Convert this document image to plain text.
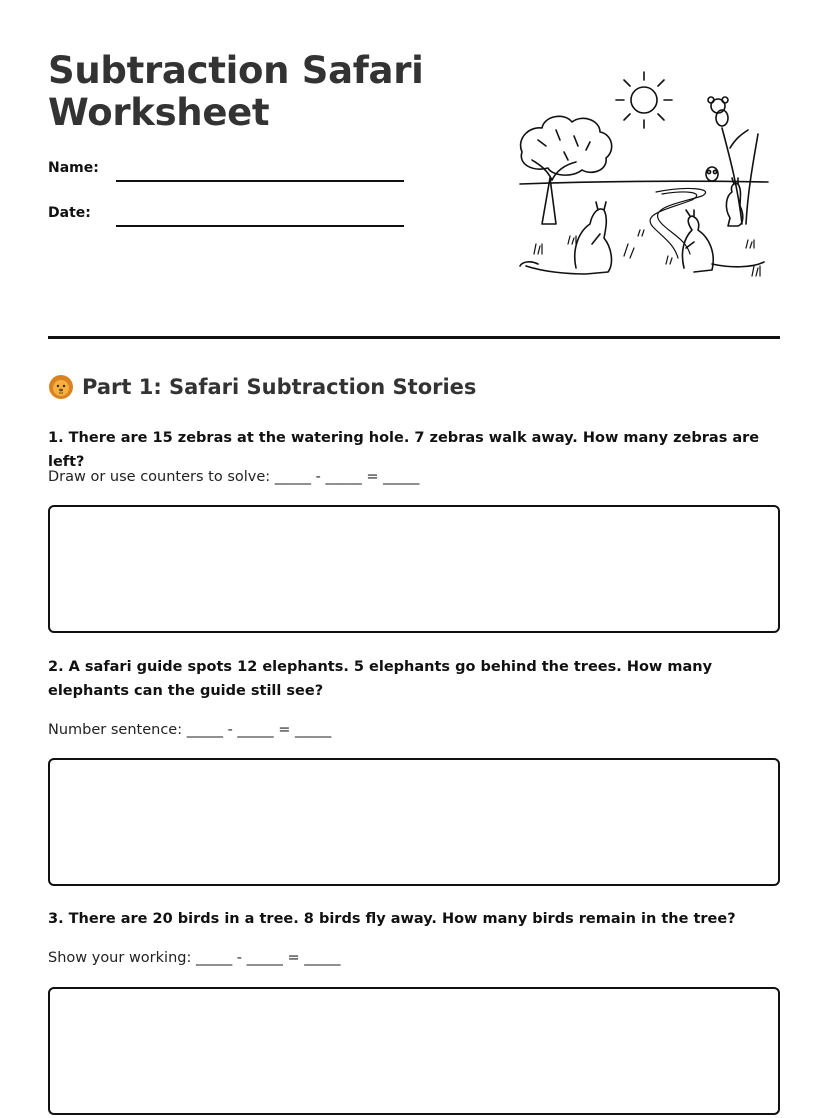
Subtraction Safari Worksheet
Name:
Date:
Part 1: Safari Subtraction Stories

1. There are 15 zebras at the watering hole. 7 zebras walk away. How many zebras are left?

Draw or use counters to solve: _____ - _____ = _____

2. A safari guide spots 12 elephants. 5 elephants go behind the trees. How many elephants can the guide still see?

Number sentence: _____ - _____ = _____

3. There are 20 birds in a tree. 8 birds fly away. How many birds remain in the tree?

Show your working: _____ - _____ = _____
